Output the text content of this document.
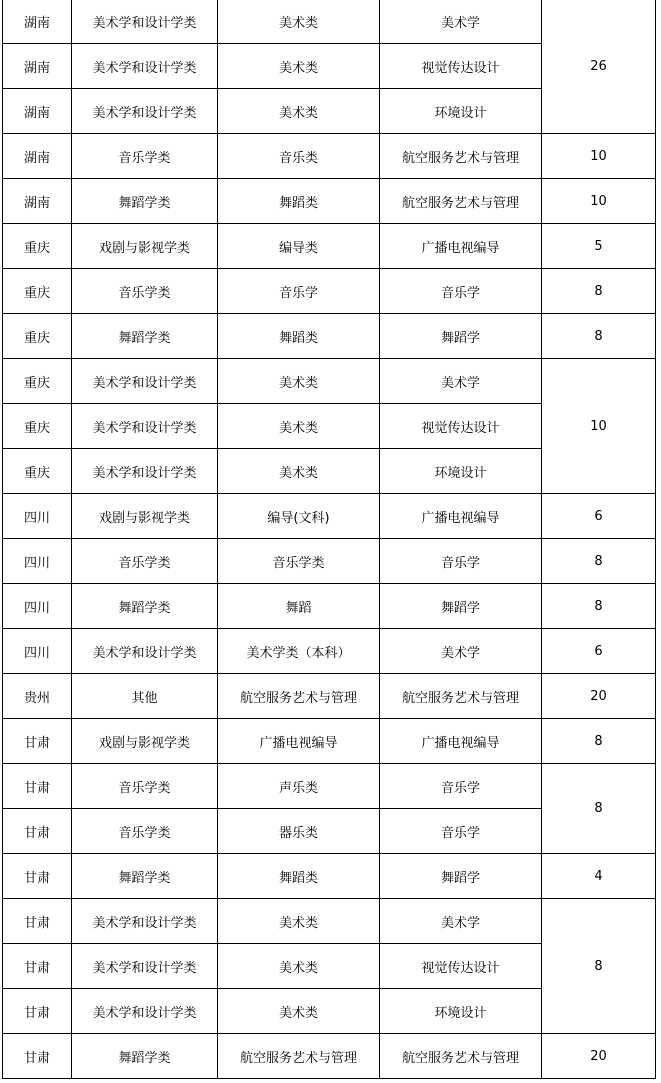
湖南	美术学和设计学类	美术类	美术学	26
湖南	美术学和设计学类	美术类	视觉传达设计	
湖南	美术学和设计学类	美术类	环境设计	
湖南	音乐学类	音乐类	航空服务艺术与管理	10
湖南	舞蹈学类	舞蹈类	航空服务艺术与管理	10
重庆	戏剧与影视学类	编导类	广播电视编导	5
重庆	音乐学类	音乐学	音乐学	8
重庆	舞蹈学类	舞蹈类	舞蹈学	8
重庆	美术学和设计学类	美术类	美术学	10
重庆	美术学和设计学类	美术类	视觉传达设计	
重庆	美术学和设计学类	美术类	环境设计	
四川	戏剧与影视学类	编导(文科)	广播电视编导	6
四川	音乐学类	音乐学类	音乐学	8
四川	舞蹈学类	舞蹈	舞蹈学	8
四川	美术学和设计学类	美术学类（本科）	美术学	6
贵州	其他	航空服务艺术与管理	航空服务艺术与管理	20
甘肃	戏剧与影视学类	广播电视编导	广播电视编导	8
甘肃	音乐学类	声乐类	音乐学	8
甘肃	音乐学类	器乐类	音乐学	
甘肃	舞蹈学类	舞蹈类	舞蹈学	4
甘肃	美术学和设计学类	美术类	美术学	8
甘肃	美术学和设计学类	美术类	视觉传达设计	
甘肃	美术学和设计学类	美术类	环境设计	
甘肃	舞蹈学类	航空服务艺术与管理	航空服务艺术与管理	20
